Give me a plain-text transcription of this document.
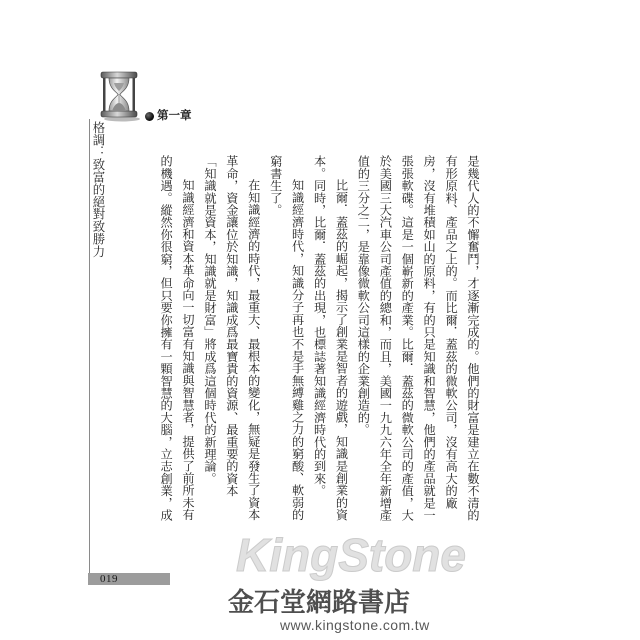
第一章
格調：致富的絕對致勝力	是幾代人的不懈奮鬥，才逐漸完成的。他們的財富是建立在數不清的
有形原料、產品之上的。而比爾．蓋茲的微軟公司，沒有高大的廠
房，沒有堆積如山的原料，有的只是知識和智慧，他們的產品就是一
張張軟碟。這是一個嶄新的產業。比爾．蓋茲的微軟公司的產值，大
於美國三大汽車公司產值的總和，而且，美國一九九六年全年新增產
值的三分之二，是靠像微軟公司這樣的企業創造的。
比爾．蓋茲的崛起，揭示了創業是智者的遊戲，知識是創業的資
本。同時，比爾．蓋茲的出現，也標誌著知識經濟時代的到來。
知識經濟時代，知識分子再也不是手無縛雞之力的窮酸、軟弱的
窮書生了。
在知識經濟的時代，最重大、最根本的變化，無疑是發生了資本
革命，資金讓位於知識，知識成爲最寶貴的資源、最重要的資本
「知識就是資本，知識就是財富」將成爲這個時代的新理論。
知識經濟和資本革命向一切富有知識與智慧者，提供了前所未有
的機遇。縱然你很窮，但只要你擁有一顆智慧的大腦，立志創業，成
019	KingStone
金石堂網路書店
www.kingstone.com.tw
